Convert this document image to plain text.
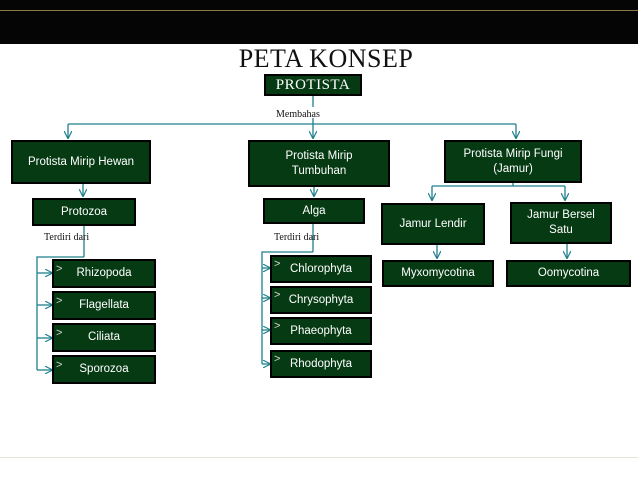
PETA KONSEP
PROTISTA
Membahas
Protista Mirip Hewan	Protista Mirip Tumbuhan
Protista Mirip Fungi (Jamur)
Protozoa	Alga
Terdiri dari	Terdiri dari
Jamur Lendir
Jamur Bersel Satu
Myxomycotina	Oomycotina
Rhizopoda
Flagellata
Ciliata
Sporozoa
Chlorophyta
Chrysophyta
Phaeophyta
Rhodophyta
>
>
>
>
>
>
>
>
